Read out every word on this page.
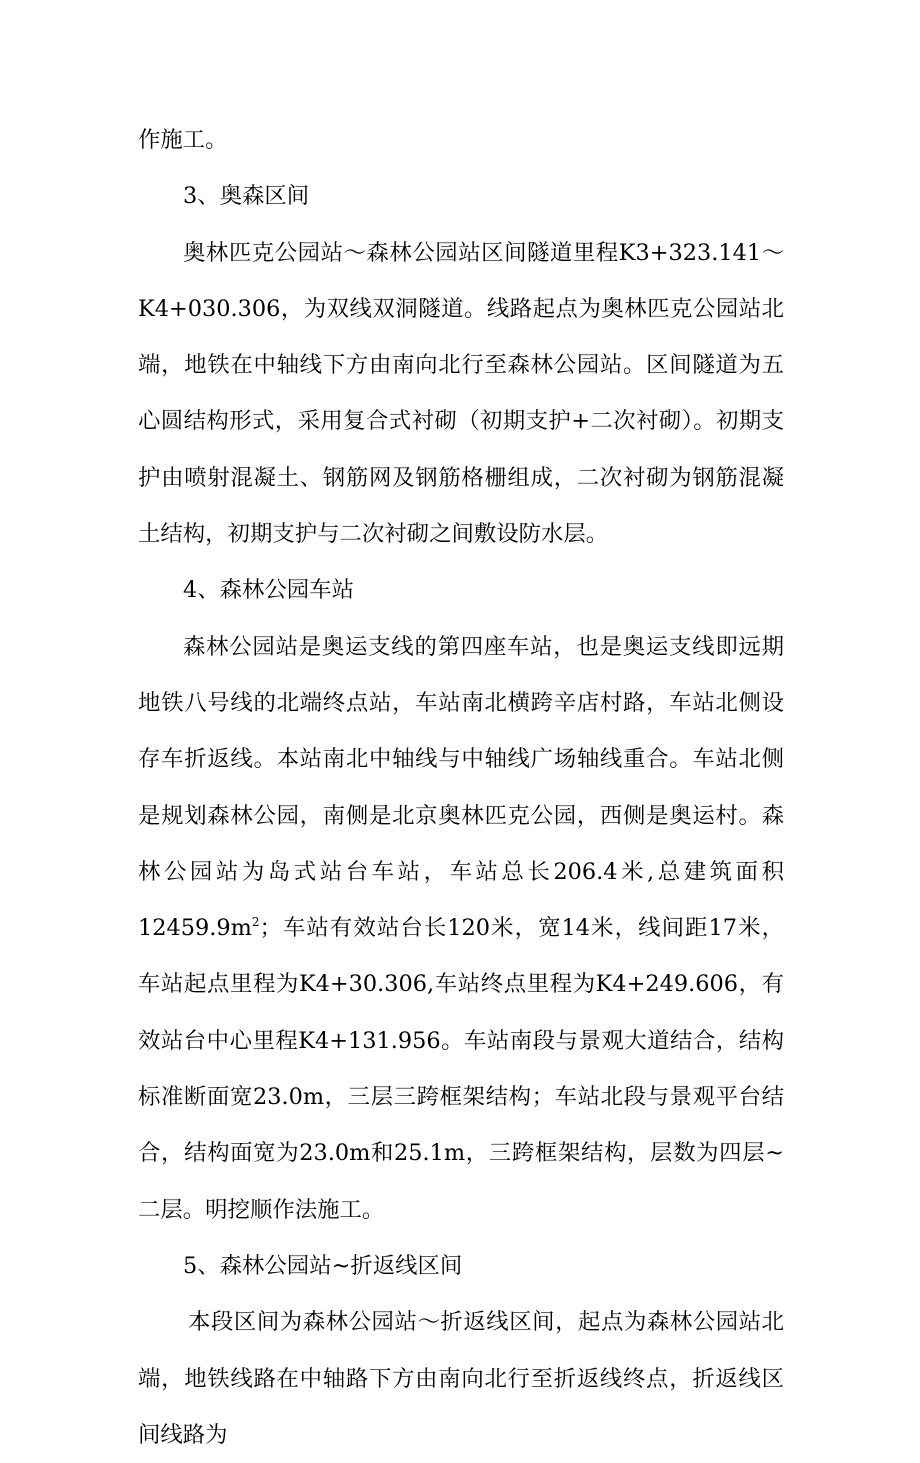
作施工。

3、奥森区间

奥林匹克公园站～森林公园站区间隧道里程K3+323.141～K4+030.306，为双线双洞隧道。线路起点为奥林匹克公园站北端，地铁在中轴线下方由南向北行至森林公园站。区间隧道为五心圆结构形式，采用复合式衬砌（初期支护+二次衬砌）。初期支护由喷射混凝土、钢筋网及钢筋格栅组成，二次衬砌为钢筋混凝土结构，初期支护与二次衬砌之间敷设防水层。

4、森林公园车站

森林公园站是奥运支线的第四座车站，也是奥运支线即远期地铁八号线的北端终点站，车站南北横跨辛店村路，车站北侧设存车折返线。本站南北中轴线与中轴线广场轴线重合。车站北侧是规划森林公园，南侧是北京奥林匹克公园，西侧是奥运村。森林公园站为岛式站台车站，车站总长206.4米,总建筑面积$12459.9m^2$；车站有效站台长120米，宽14米，线间距17米，车站起点里程为K4+30.306,车站终点里程为K4+249.606，有效站台中心里程K4+131.956。车站南段与景观大道结合，结构标准断面宽23.0m，三层三跨框架结构；车站北段与景观平台结合，结构面宽为23.0m和25.1m，三跨框架结构，层数为四层~二层。明挖顺作法施工。

5、森林公园站~折返线区间

本段区间为森林公园站～折返线区间，起点为森林公园站北端，地铁线路在中轴路下方由南向北行至折返线终点，折返线区间线路为
